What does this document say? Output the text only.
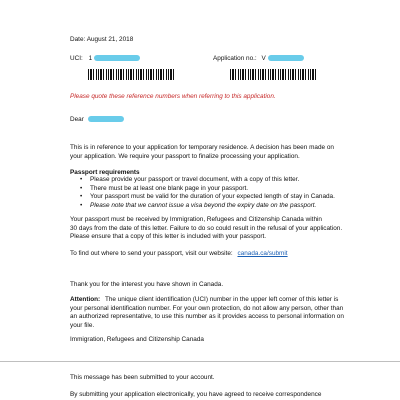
Date: August 21, 2018
UCI: 1	Application no.: V
Please quote these reference numbers when referring to this application.
Dear
This is in reference to your application for temporary residence. A decision has been made on
your application. We require your passport to finalize processing your application.
Passport requirements
• Please provide your passport or travel document, with a copy of this letter.
• There must be at least one blank page in your passport.
• Your passport must be valid for the duration of your expected length of stay in Canada.
• Please note that we cannot issue a visa beyond the expiry date on the passport.
Your passport must be received by Immigration, Refugees and Citizenship Canada within
30 days from the date of this letter. Failure to do so could result in the refusal of your application.
Please ensure that a copy of this letter is included with your passport.
To find out where to send your passport, visit our website: canada.ca/submit
Thank you for the interest you have shown in Canada.
Attention: The unique client identification (UCI) number in the upper left corner of this letter is
your personal identification number. For your own protection, do not allow any person, other than
an authorized representative, to use this number as it provides access to personal information on
your file.
Immigration, Refugees and Citizenship Canada
This message has been submitted to your account.
By submitting your application electronically, you have agreed to receive correspondence
